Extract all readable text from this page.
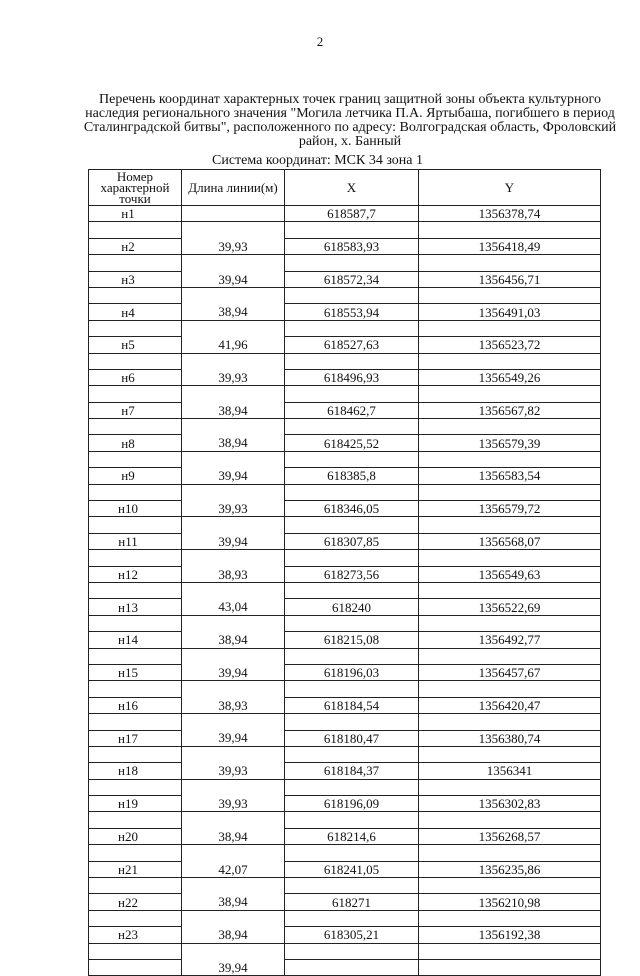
2
Перечень координат характерных точек границ защитной зоны объекта культурного наследия регионального значения "Могила летчика П.А. Яртыбаша, погибшего в период Сталинградской битвы", расположенного по адресу: Волгоградская область, Фроловский район, х. Банный
Система координат: МСК 34 зона 1
Номер характерной точки	Длина линии(м)	X	Y
н1		618587,7	1356378,74

н2	39,93	618583,93	1356418,49

н3	39,94	618572,34	1356456,71

н4	38,94	618553,94	1356491,03

н5	41,96	618527,63	1356523,72

н6	39,93	618496,93	1356549,26

н7	38,94	618462,7	1356567,82

н8	38,94	618425,52	1356579,39

н9	39,94	618385,8	1356583,54

н10	39,93	618346,05	1356579,72

н11	39,94	618307,85	1356568,07

н12	38,93	618273,56	1356549,63

н13	43,04	618240	1356522,69

н14	38,94	618215,08	1356492,77

н15	39,94	618196,03	1356457,67

н16	38,93	618184,54	1356420,47

н17	39,94	618180,47	1356380,74

н18	39,93	618184,37	1356341

н19	39,93	618196,09	1356302,83

н20	38,94	618214,6	1356268,57

н21	42,07	618241,05	1356235,86

н22	38,94	618271	1356210,98

н23	38,94	618305,21	1356192,38

	39,94		
